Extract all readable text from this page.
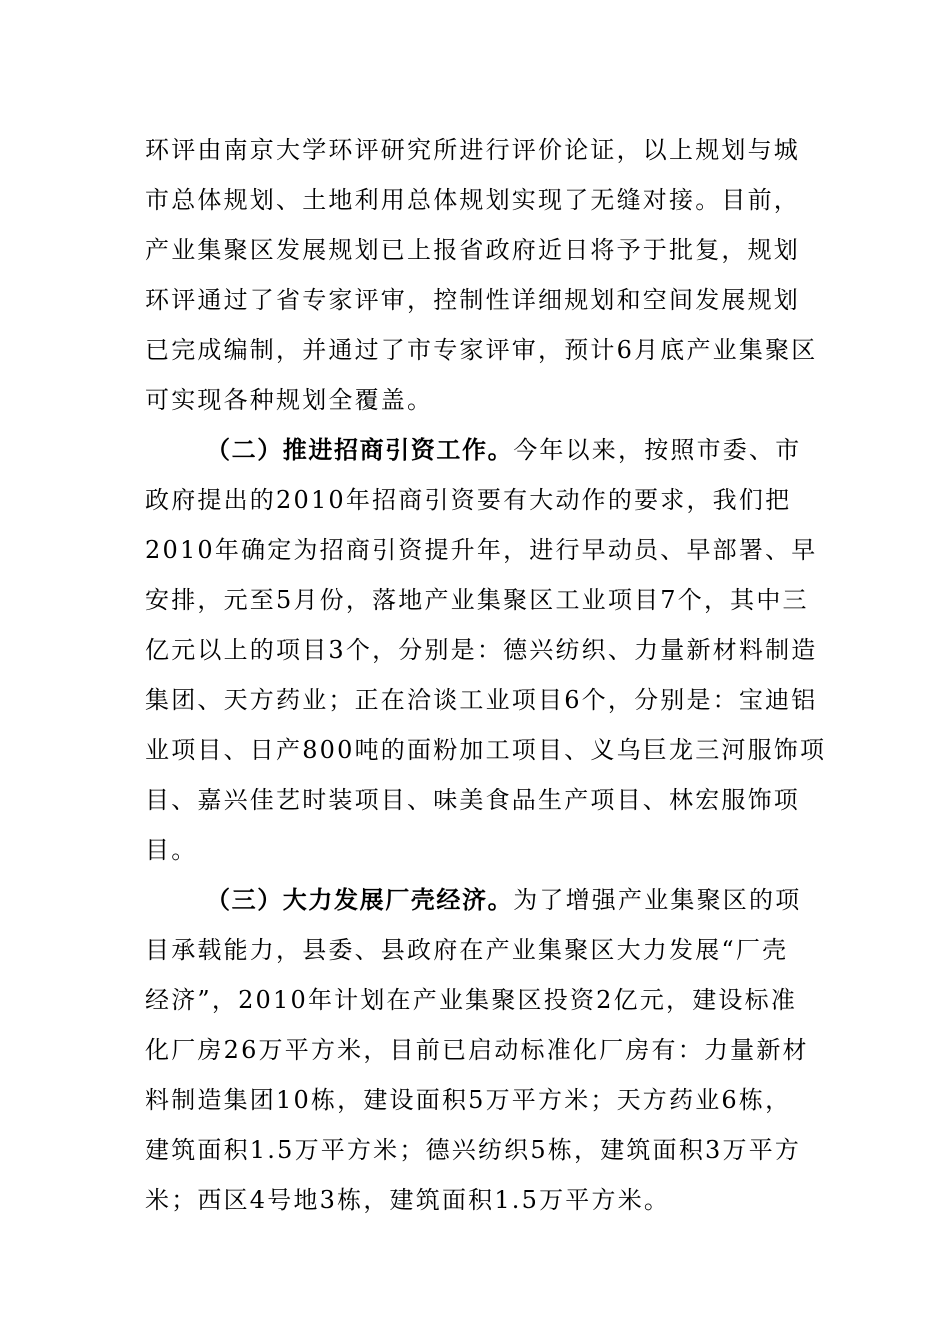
环评由南京大学环评研究所进行评价论证，以上规划与城
市总体规划、土地利用总体规划实现了无缝对接。目前，
产业集聚区发展规划已上报省政府近日将予于批复，规划
环评通过了省专家评审，控制性详细规划和空间发展规划
已完成编制，并通过了市专家评审，预计6月底产业集聚区
可实现各种规划全覆盖。
（二）推进招商引资工作。今年以来，按照市委、市
政府提出的2010年招商引资要有大动作的要求，我们把
2010年确定为招商引资提升年，进行早动员、早部署、早
安排，元至5月份，落地产业集聚区工业项目7个，其中三
亿元以上的项目3个，分别是：德兴纺织、力量新材料制造
集团、天方药业；正在洽谈工业项目6个，分别是：宝迪铝
业项目、日产800吨的面粉加工项目、义乌巨龙三河服饰项
目、嘉兴佳艺时装项目、味美食品生产项目、林宏服饰项
目。
（三）大力发展厂壳经济。为了增强产业集聚区的项
目承载能力，县委、县政府在产业集聚区大力发展“厂壳
经济”，2010年计划在产业集聚区投资2亿元，建设标准
化厂房26万平方米，目前已启动标准化厂房有：力量新材
料制造集团10栋，建设面积5万平方米；天方药业6栋，
建筑面积1.5万平方米；德兴纺织5栋，建筑面积3万平方
米；西区4号地3栋，建筑面积1.5万平方米。
